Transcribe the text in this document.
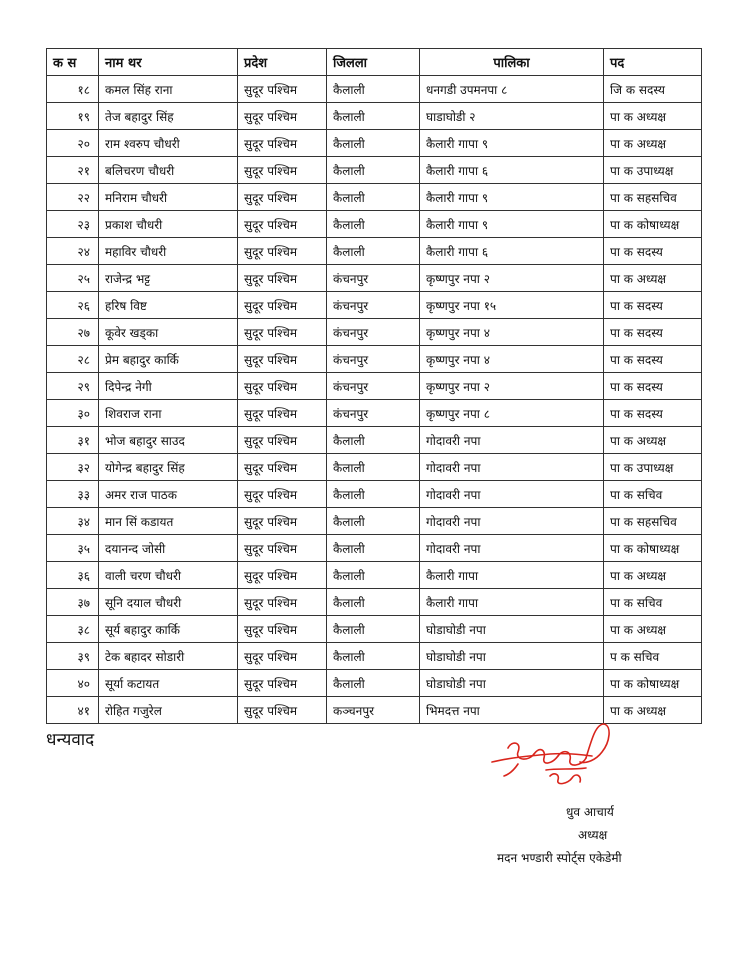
क स	नाम थर	प्रदेश	जिलला	पालिका	पद
१८	कमल सिंह राना	सुदूर पश्चिम	कैलाली	धनगडी उपमनपा ८	जि क सदस्य
१९	तेज बहादुर सिंह	सुदूर पश्चिम	कैलाली	घाडाघोडी २	पा क अध्यक्ष
२०	राम श्वरुप चौधरी	सुदूर पश्चिम	कैलाली	कैलारी गापा ९	पा क अध्यक्ष
२१	बलिचरण चौधरी	सुदूर पश्चिम	कैलाली	कैलारी गापा ६	पा क उपाध्यक्ष
२२	मनिराम चौधरी	सुदूर पश्चिम	कैलाली	कैलारी गापा ९	पा क सहसचिव
२३	प्रकाश चौधरी	सुदूर पश्चिम	कैलाली	कैलारी गापा ९	पा क कोषाध्यक्ष
२४	महाविर चौधरी	सुदूर पश्चिम	कैलाली	कैलारी गापा ६	पा क सदस्य
२५	राजेन्द्र भट्ट	सुदूर पश्चिम	कंचनपुर	कृष्णपुर नपा २	पा क अध्यक्ष
२६	हरिष विष्ट	सुदूर पश्चिम	कंचनपुर	कृष्णपुर नपा १५	पा क सदस्य
२७	कूवेर खड्का	सुदूर पश्चिम	कंचनपुर	कृष्णपुर नपा ४	पा क सदस्य
२८	प्रेम बहादुर कार्कि	सुदूर पश्चिम	कंचनपुर	कृष्णपुर नपा ४	पा क सदस्य
२९	दिपेन्द्र नेगी	सुदूर पश्चिम	कंचनपुर	कृष्णपुर नपा २	पा क सदस्य
३०	शिवराज राना	सुदूर पश्चिम	कंचनपुर	कृष्णपुर नपा ८	पा क सदस्य
३१	भोज बहादुर साउद	सुदूर पश्चिम	कैलाली	गोदावरी नपा	पा क अध्यक्ष
३२	योगेन्द्र बहादुर सिंह	सुदूर पश्चिम	कैलाली	गोदावरी नपा	पा क उपाध्यक्ष
३३	अमर राज पाठक	सुदूर पश्चिम	कैलाली	गोदावरी नपा	पा क सचिव
३४	मान सिं कडायत	सुदूर पश्चिम	कैलाली	गोदावरी नपा	पा क सहसचिव
३५	दयानन्द जोसी	सुदूर पश्चिम	कैलाली	गोदावरी नपा	पा क कोषाध्यक्ष
३६	वाली चरण चौधरी	सुदूर पश्चिम	कैलाली	कैलारी गापा	पा क अध्यक्ष
३७	सूनि दयाल चौधरी	सुदूर पश्चिम	कैलाली	कैलारी गापा	पा क सचिव
३८	सूर्य बहादुर कार्कि	सुदूर पश्चिम	कैलाली	घोडाघोडी नपा	पा क अध्यक्ष
३९	टेक बहादर सोडारी	सुदूर पश्चिम	कैलाली	घोडाघोडी नपा	प क सचिव
४०	सूर्या कटायत	सुदूर पश्चिम	कैलाली	घोडाघोडी नपा	पा क कोषाध्यक्ष
४१	रोहित गजुरेल	सुदूर पश्चिम	कञ्चनपुर	भिमदत्त नपा	पा क अध्यक्ष
धन्यवाद
धुव आचार्य
अध्यक्ष
मदन भण्डारी स्पोर्ट्स एकेडेमी
